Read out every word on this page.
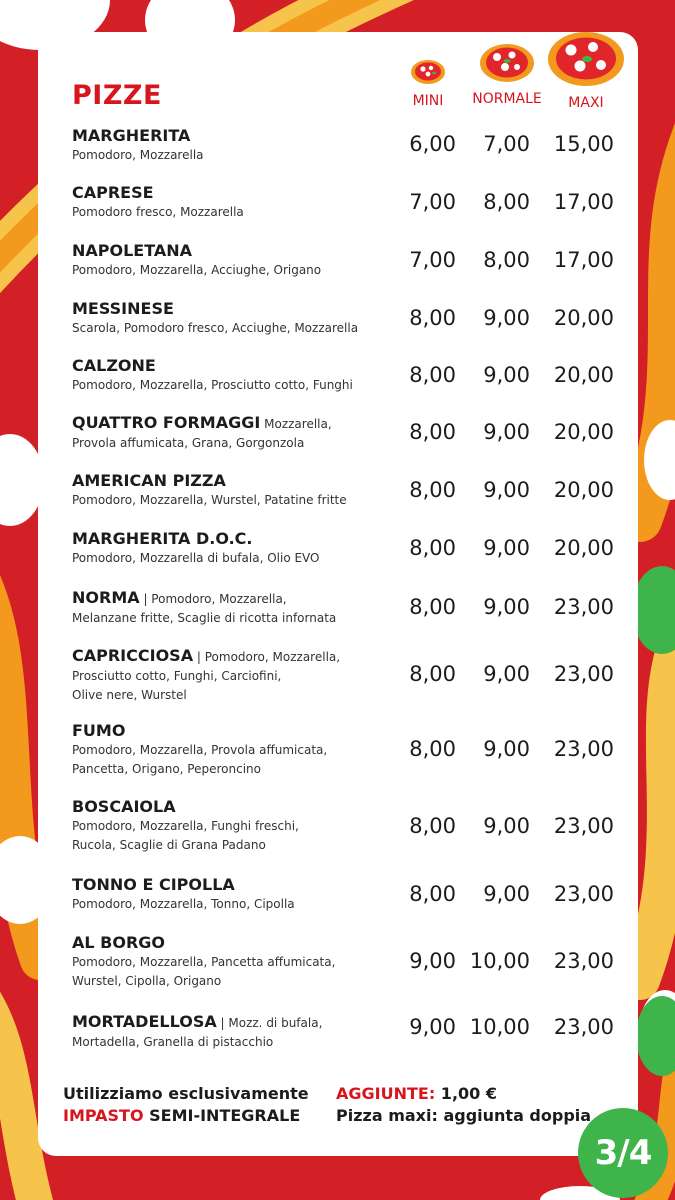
PIZZE	MINI	NORMALE	MAXI
MARGHERITA
Pomodoro, Mozzarella	6,00	7,00	15,00
CAPRESE
Pomodoro fresco, Mozzarella	7,00	8,00	17,00
NAPOLETANA
Pomodoro, Mozzarella, Acciughe, Origano	7,00	8,00	17,00
MESSINESE
Scarola, Pomodoro fresco, Acciughe, Mozzarella	8,00	9,00	20,00
CALZONE
Pomodoro, Mozzarella, Prosciutto cotto, Funghi	8,00	9,00	20,00
QUATTRO FORMAGGI Mozzarella,
Provola affumicata, Grana, Gorgonzola	8,00	9,00	20,00
AMERICAN PIZZA
Pomodoro, Mozzarella, Wurstel, Patatine fritte	8,00	9,00	20,00
MARGHERITA D.O.C.
Pomodoro, Mozzarella di bufala, Olio EVO	8,00	9,00	20,00
NORMA | Pomodoro, Mozzarella,
Melanzane fritte, Scaglie di ricotta infornata	8,00	9,00	23,00
CAPRICCIOSA | Pomodoro, Mozzarella,
Prosciutto cotto, Funghi, Carciofini,
Olive nere, Wurstel
8,00	9,00	23,00
FUMO
Pomodoro, Mozzarella, Provola affumicata,
Pancetta, Origano, Peperoncino
8,00	9,00	23,00
BOSCAIOLA
Pomodoro, Mozzarella, Funghi freschi,
Rucola, Scaglie di Grana Padano
8,00	9,00	23,00
TONNO E CIPOLLA
Pomodoro, Mozzarella, Tonno, Cipolla	8,00	9,00	23,00
AL BORGO
Pomodoro, Mozzarella, Pancetta affumicata,
Wurstel, Cipolla, Origano
9,00 10,00	23,00
MORTADELLOSA | Mozz. di bufala,
Mortadella, Granella di pistacchio
9,00 10,00	23,00
Utilizziamo esclusivamente
IMPASTO SEMI-INTEGRALE
AGGIUNTE: 1,00 €
Pizza maxi: aggiunta doppia
3/4
